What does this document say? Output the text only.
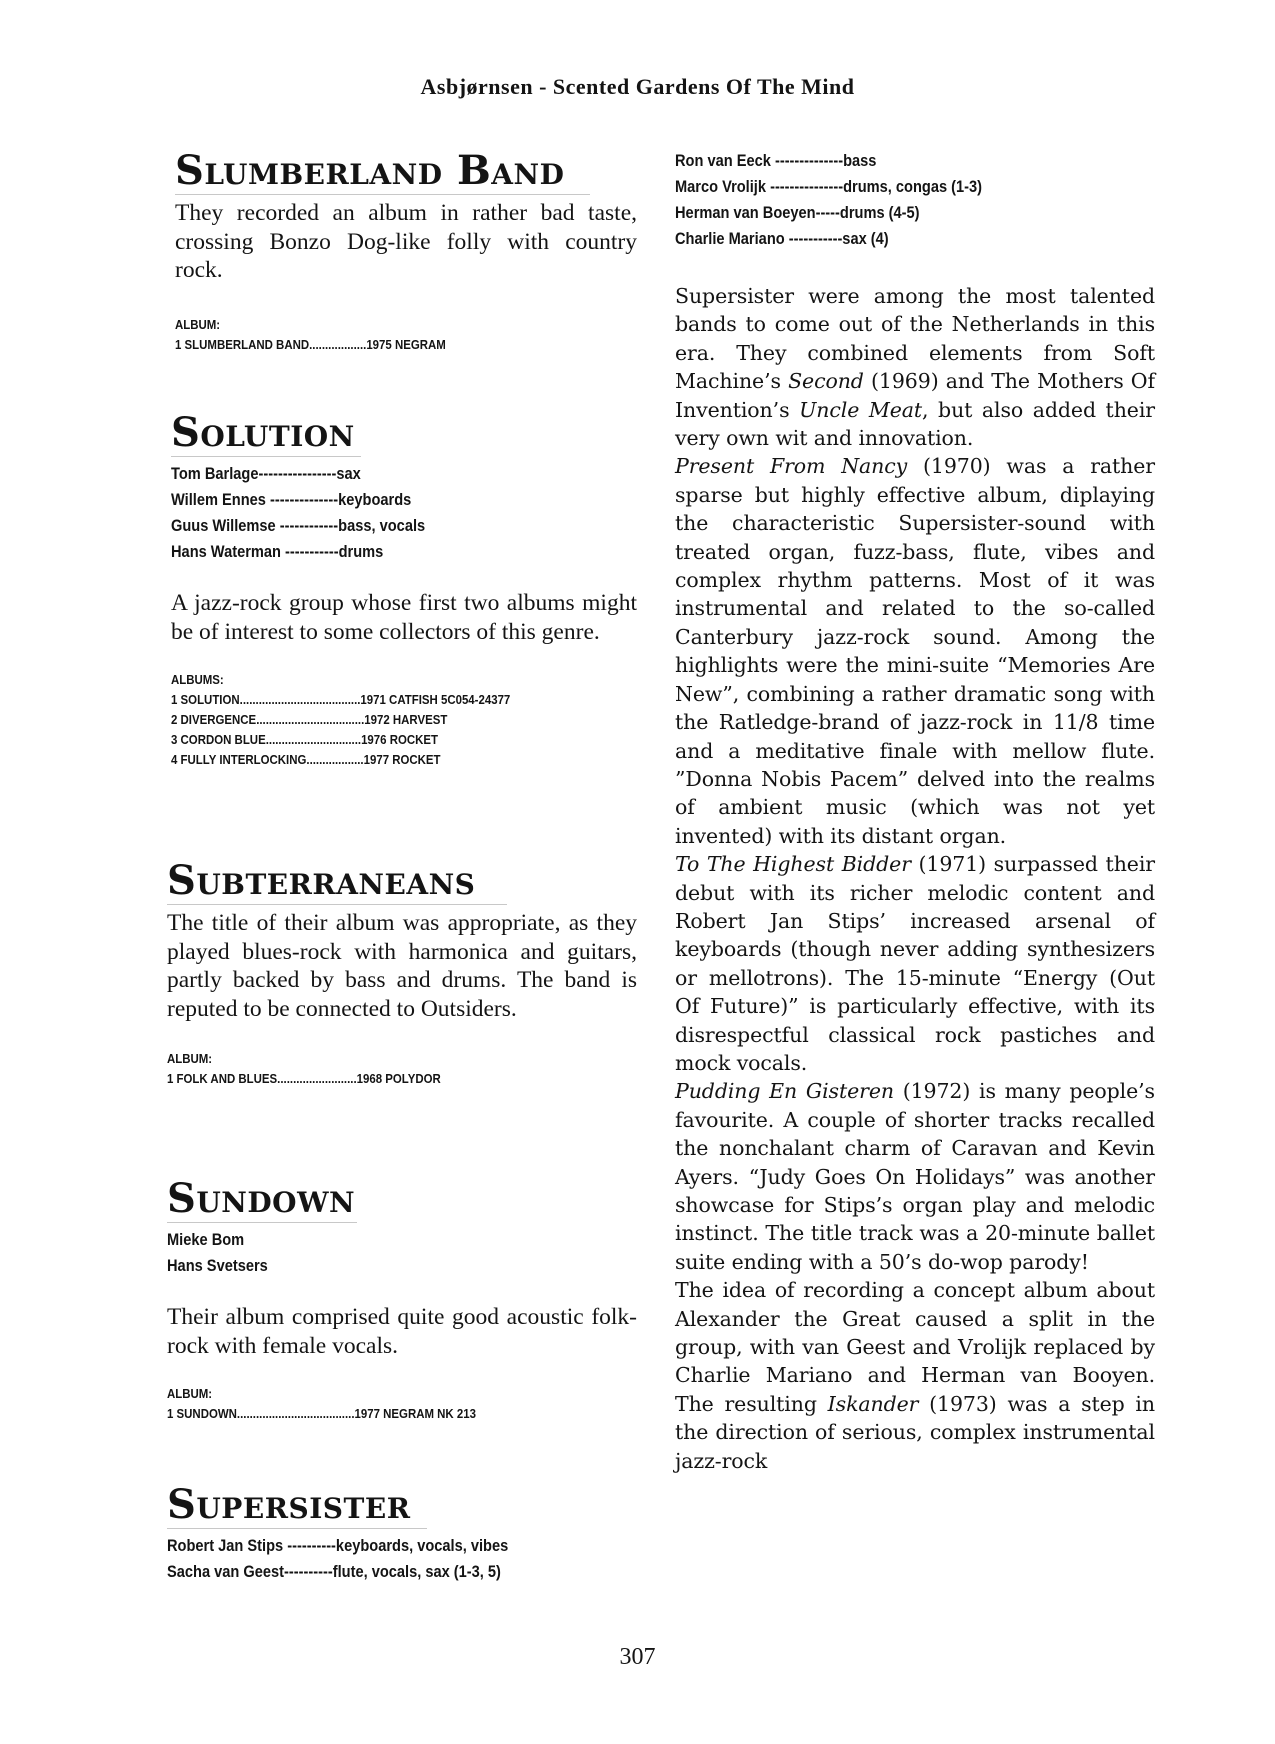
Asbjørnsen - Scented Gardens Of The Mind
Slumberland Band

They recorded an album in rather bad taste, crossing Bonzo Dog-like folly with country rock.

ALBUM:
1 SLUMBERLAND BAND..................1975 NEGRAM
Solution
Tom Barlage----------------sax
Willem Ennes --------------keyboards
Guus Willemse ------------bass, vocals
Hans Waterman -----------drums

A jazz-rock group whose first two albums might be of interest to some collectors of this genre.

ALBUMS:
1 SOLUTION......................................1971 CATFISH 5C054-24377
2 DIVERGENCE..................................1972 HARVEST
3 CORDON BLUE..............................1976 ROCKET
4 FULLY INTERLOCKING..................1977 ROCKET
Subterraneans

The title of their album was appropriate, as they played blues-rock with harmonica and guitars, partly backed by bass and drums. The band is reputed to be connected to Outsiders.

ALBUM:
1 FOLK AND BLUES.........................1968 POLYDOR
Sundown
Mieke Bom
Hans Svetsers

Their album comprised quite good acoustic folk-rock with female vocals.

ALBUM:
1 SUNDOWN.....................................1977 NEGRAM NK 213
Supersister
Robert Jan Stips ----------keyboards, vocals, vibes
Sacha van Geest----------flute, vocals, sax (1-3, 5)
Ron van Eeck --------------bass
Marco Vrolijk ---------------drums, congas (1-3)
Herman van Boeyen-----drums (4-5)
Charlie Mariano -----------sax (4)

Supersister were among the most talented bands to come out of the Netherlands in this era. They combined elements from Soft Machine’s Second (1969) and The Mothers Of Invention’s Uncle Meat, but also added their very own wit and innovation.

Present From Nancy (1970) was a rather sparse but highly effective album, diplaying the characteristic Supersister-sound with treated organ, fuzz-bass, flute, vibes and complex rhythm patterns. Most of it was instrumental and related to the so-called Canterbury jazz-rock sound. Among the highlights were the mini-suite “Memories Are New”, combining a rather dramatic song with the Ratledge-brand of jazz-rock in 11/8 time and a meditative finale with mellow flute. ”Donna Nobis Pacem” delved into the realms of ambient music (which was not yet invented) with its distant organ.

To The Highest Bidder (1971) surpassed their debut with its richer melodic content and Robert Jan Stips’ increased arsenal of keyboards (though never adding synthesizers or mellotrons). The 15-minute “Energy (Out Of Future)” is particularly effective, with its disrespectful classical rock pastiches and mock vocals.

Pudding En Gisteren (1972) is many people’s favourite. A couple of shorter tracks recalled the nonchalant charm of Caravan and Kevin Ayers. “Judy Goes On Holidays” was another showcase for Stips’s organ play and melodic instinct. The title track was a 20-minute ballet suite ending with a 50’s do-wop parody!

The idea of recording a concept album about Alexander the Great caused a split in the group, with van Geest and Vrolijk replaced by Charlie Mariano and Herman van Booyen. The resulting Iskander (1973) was a step in the direction of serious, complex instrumental jazz-rock

307
